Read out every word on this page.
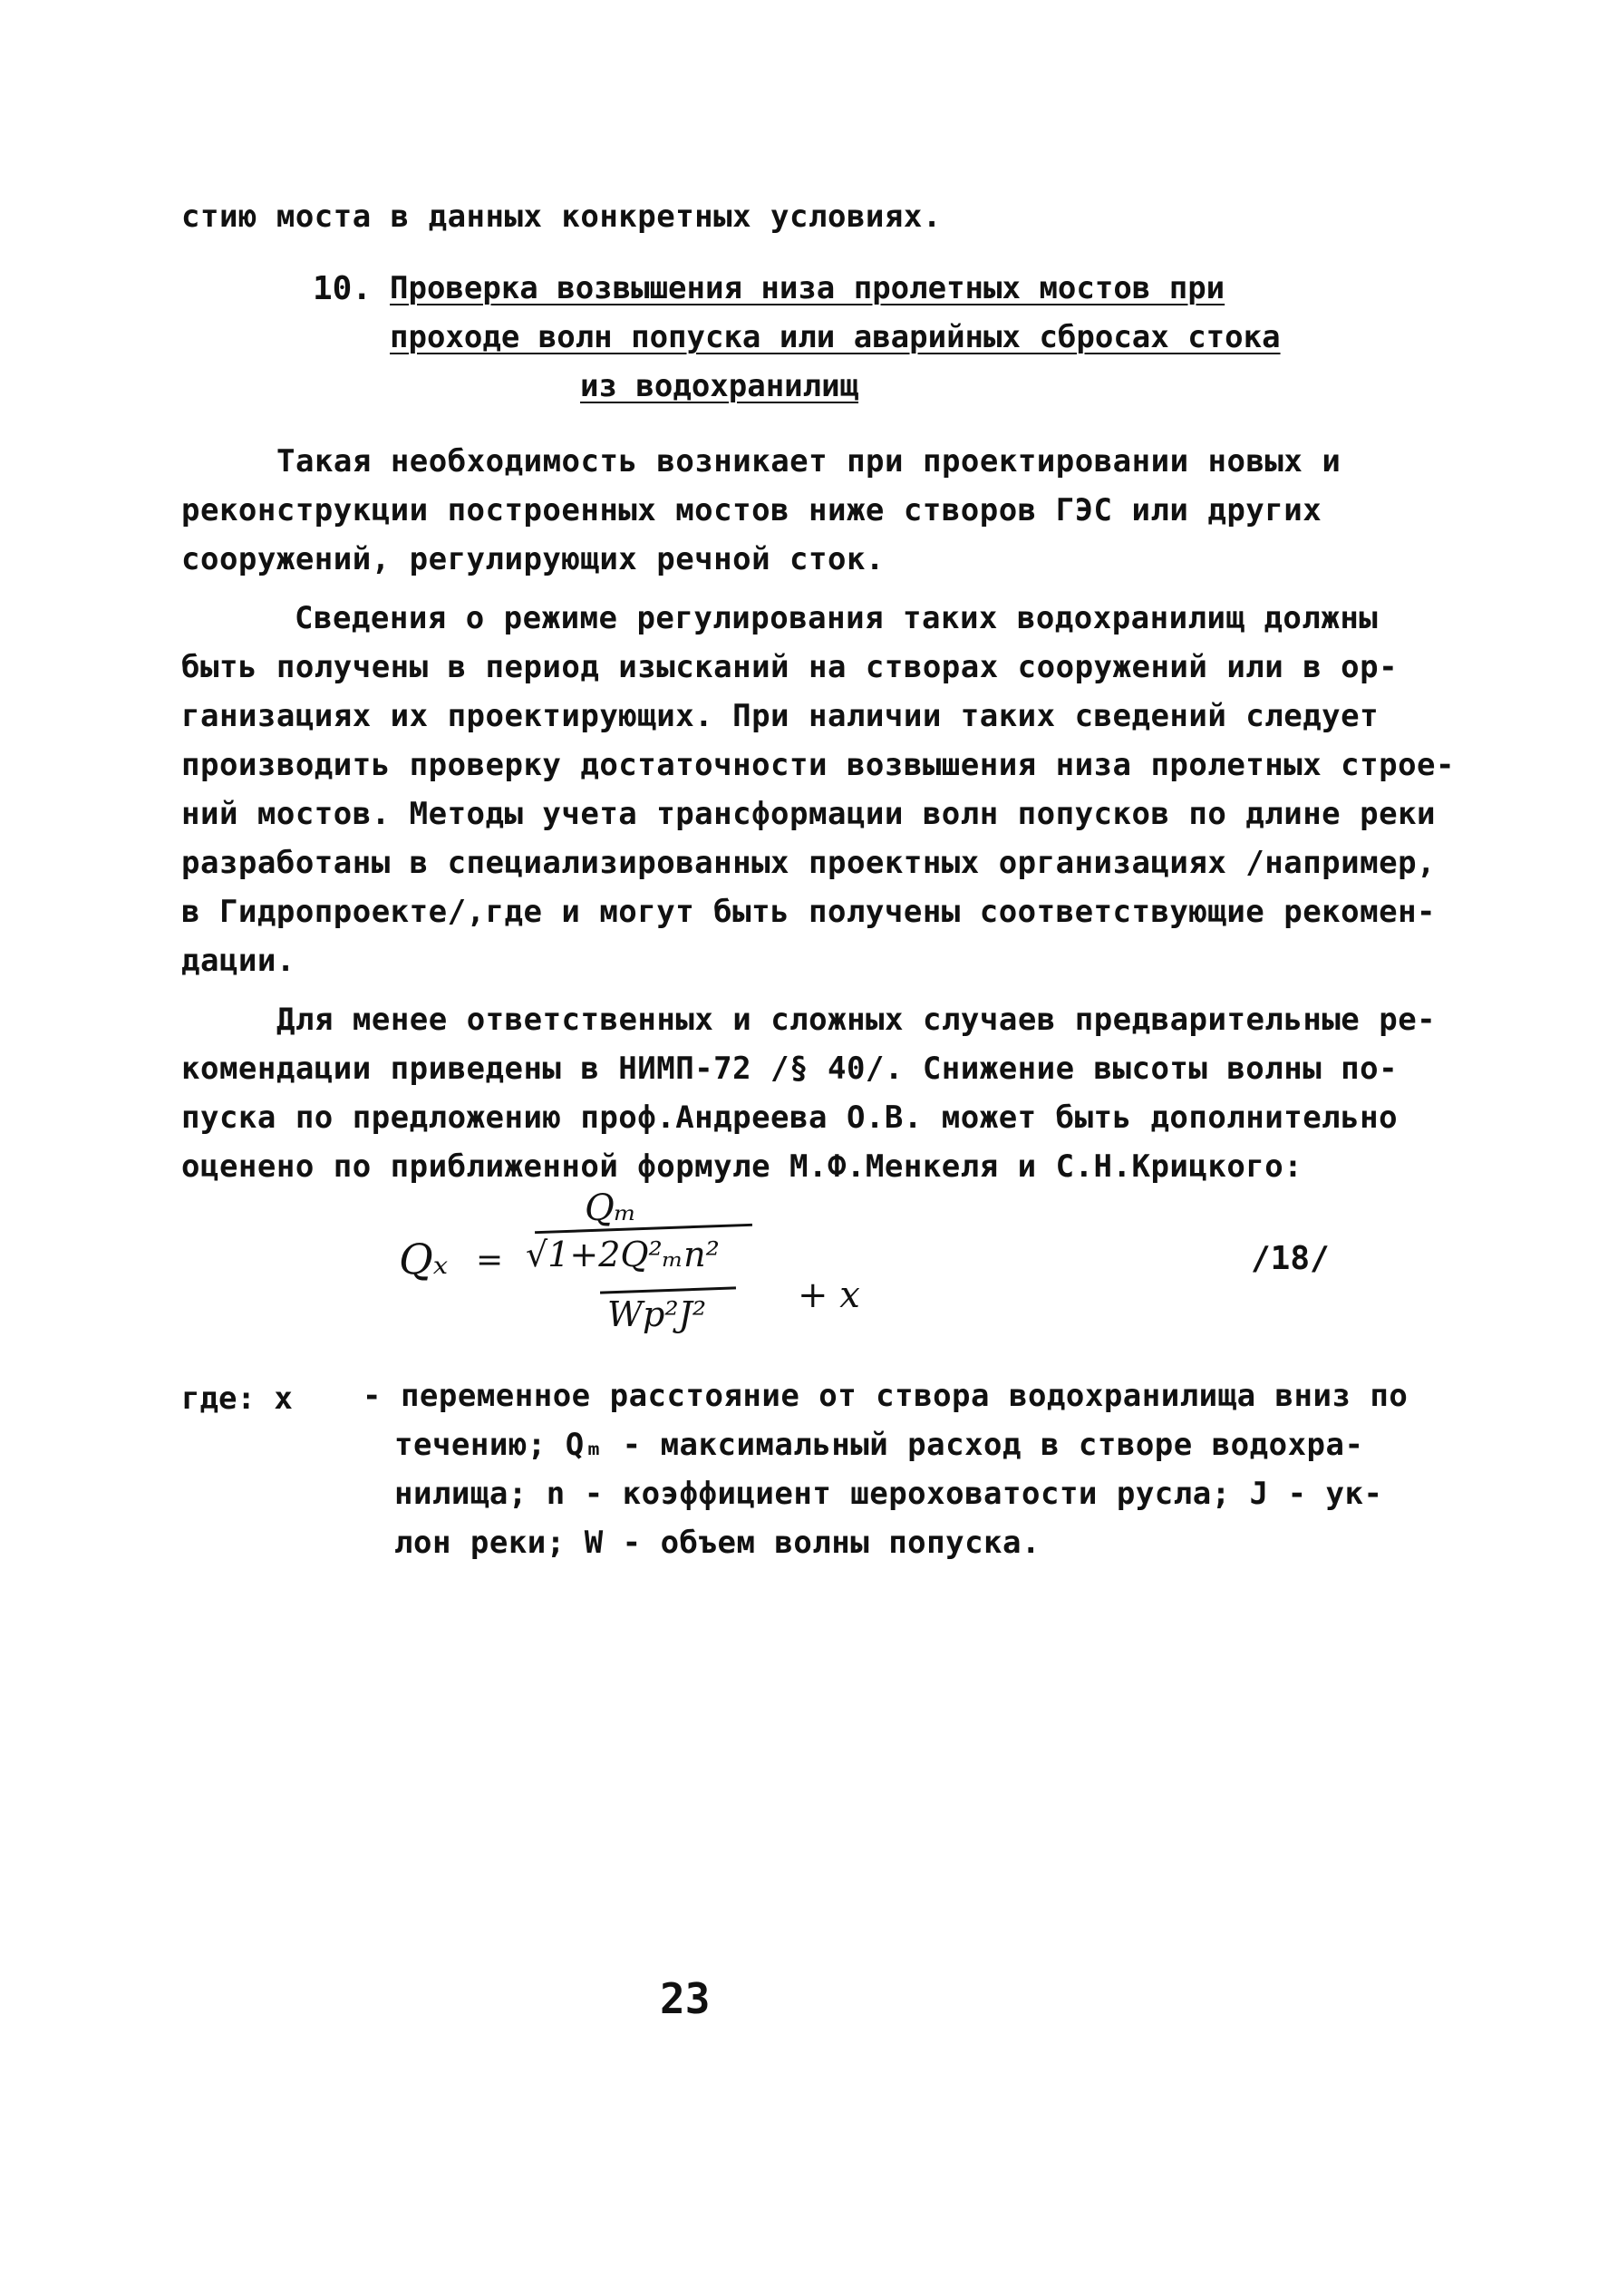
стию моста в данных конкретных условиях.
10. Проверка возвышения низа пролетных мостов при
проходе волн попуска или аварийных сбросах стока
из водохранилищ
Такая необходимость возникает при проектировании новых и
реконструкции построенных мостов ниже створов ГЭС или других
сооружений, регулирующих речной сток.
Сведения о режиме регулирования таких водохранилищ должны
быть получены в период изысканий на створах сооружений или в ор-
ганизациях их проектирующих. При наличии таких сведений следует
производить проверку достаточности возвышения низа пролетных строе-
ний мостов. Методы учета трансформации волн попусков по длине реки
разработаны в специализированных проектных организациях /например,
в Гидропроекте/,где и могут быть получены соответствующие рекомен-
дации.
Для менее ответственных и сложных случаев предварительные ре-
комендации приведены в НИМП-72 /§ 40/. Снижение высоты волны по-
пуска по предложению проф.Андреева О.В. может быть дополнительно
оценено по приближенной формуле М.Ф.Менкеля и С.Н.Крицкого:
Qₓ =
Qₘ
√1+2Q²ₘn²
Wp²J²	+ x
/18/
где: x - переменное расстояние от створа водохранилища вниз по
течению; Qₘ - максимальный расход в створе водохра-
нилища; n - коэффициент шероховатости русла; J - ук-
лон реки; W - объем волны попуска.
23
